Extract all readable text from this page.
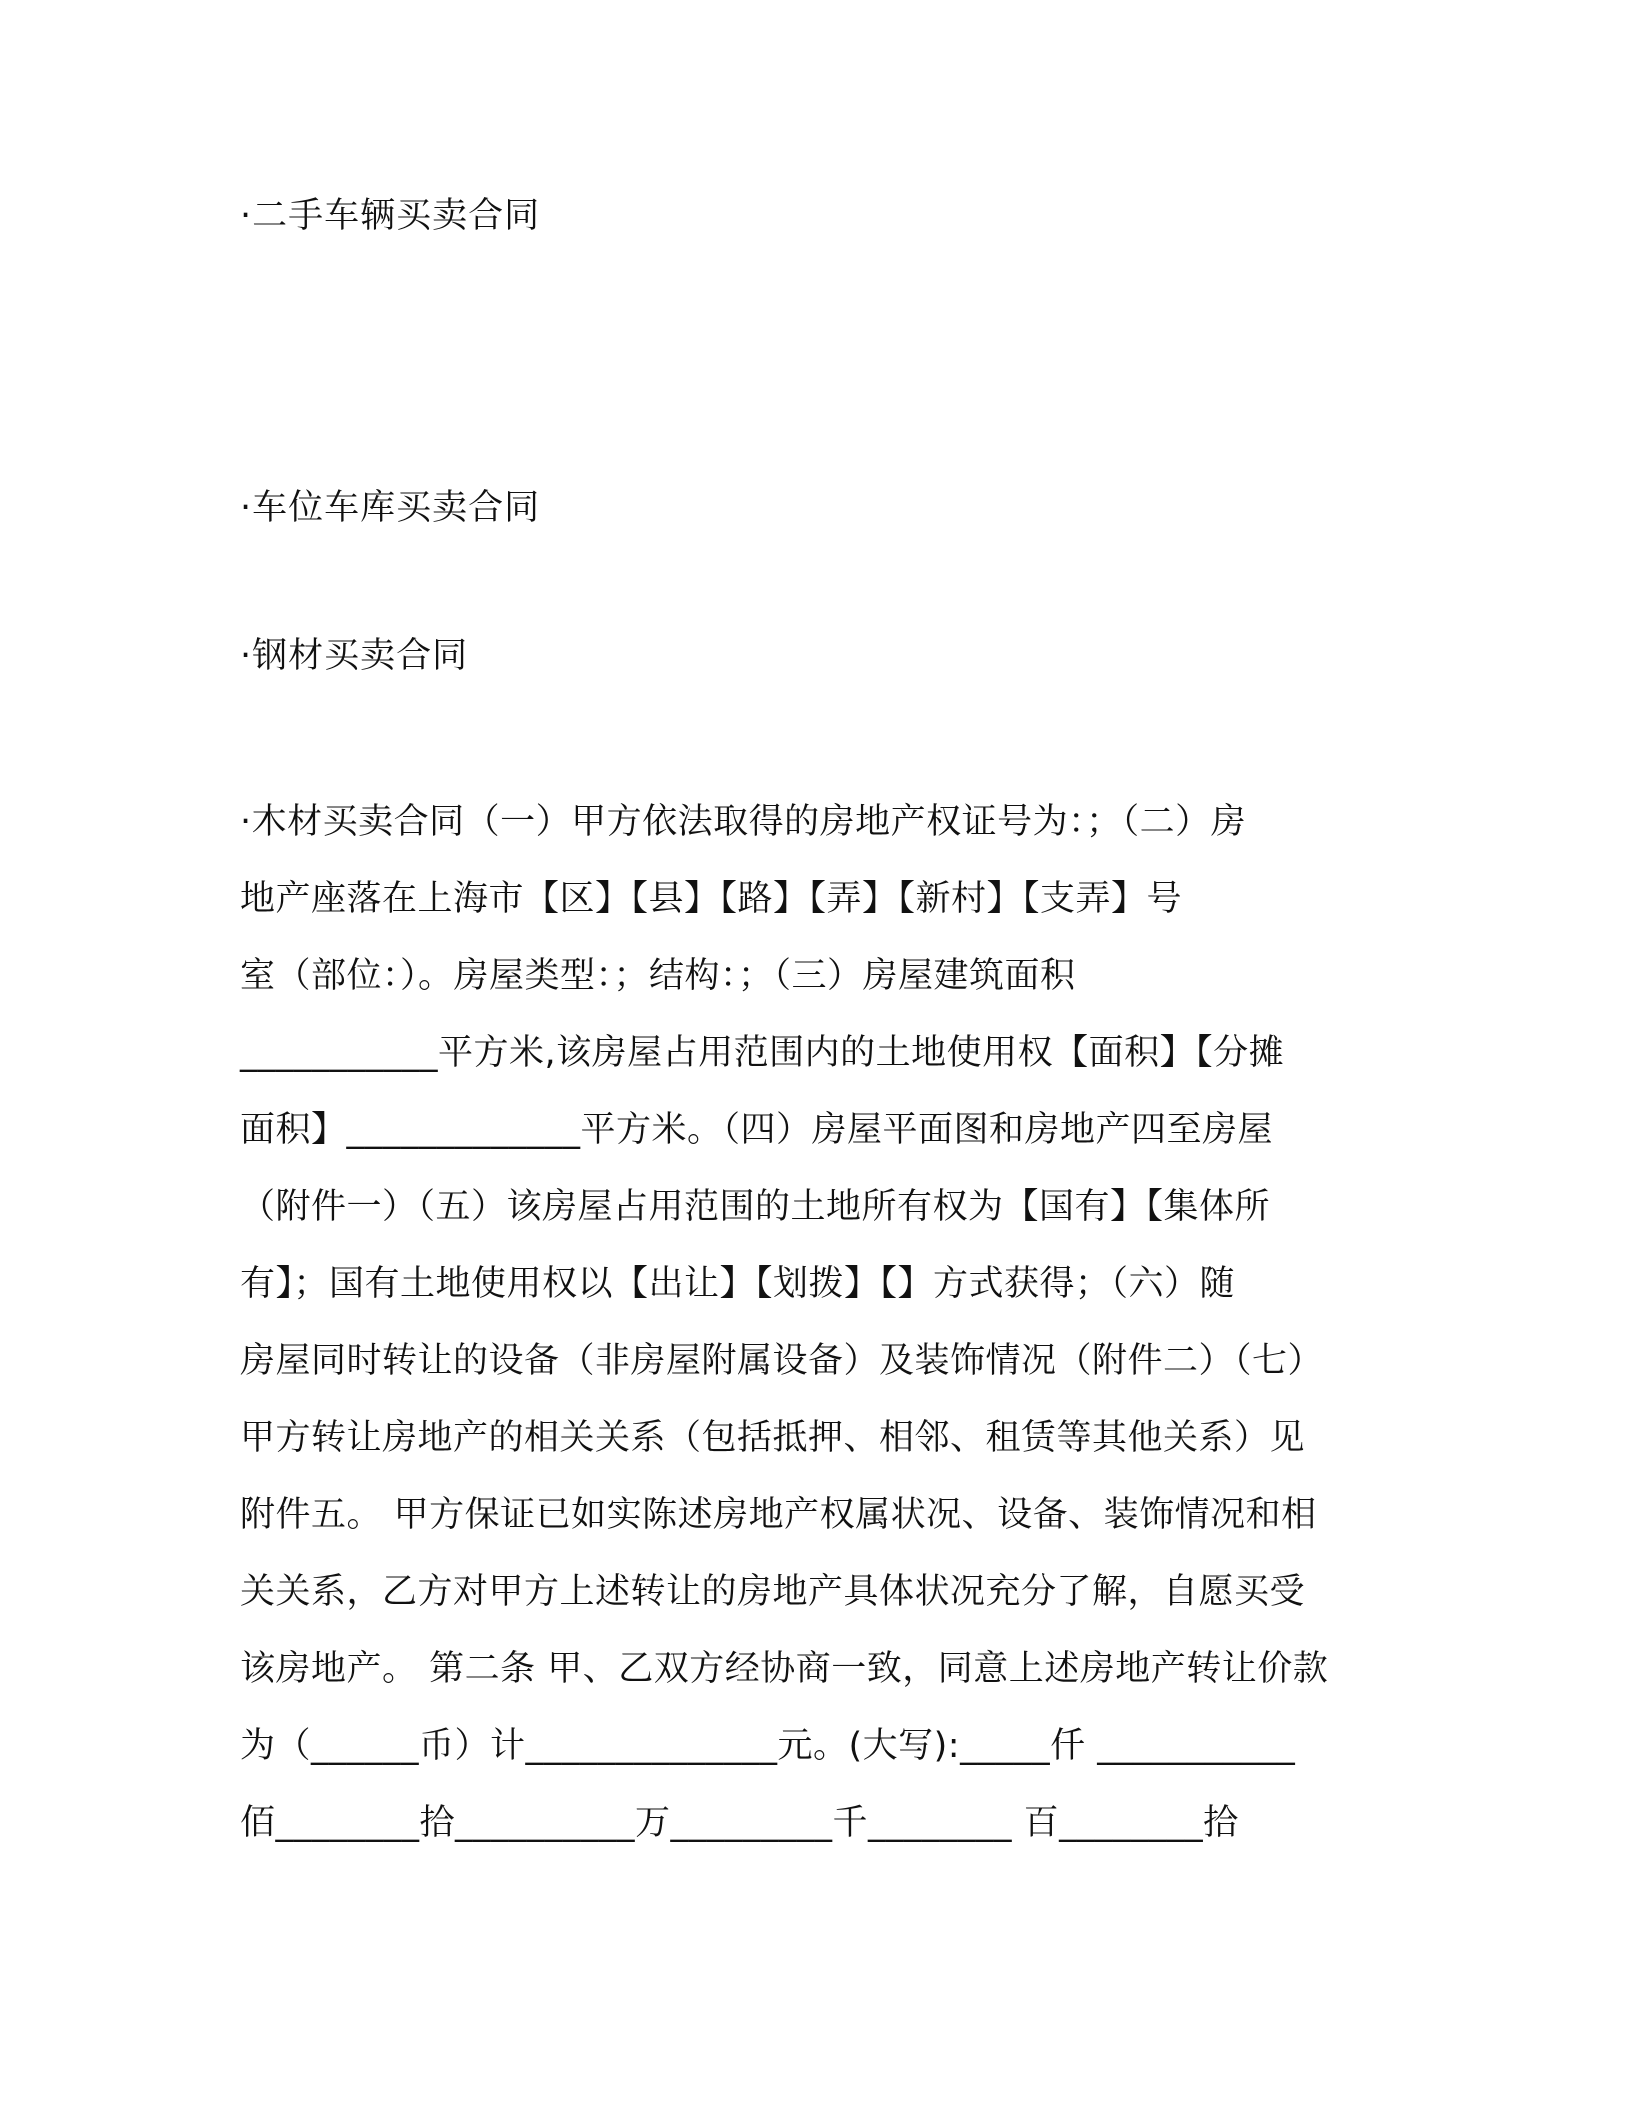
·二手车辆买卖合同
·车位车库买卖合同
·钢材买卖合同
·木材买卖合同（一）甲方依法取得的房地产权证号为：；（二）房
地产座落在上海市【区】【县】【路】【弄】【新村】【支弄】号
室（部位：）。房屋类型：；结构：；（三）房屋建筑面积
___________平方米,该房屋占用范围内的土地使用权【面积】【分摊
面积】_____________平方米。（四）房屋平面图和房地产四至房屋
（附件一）（五）该房屋占用范围的土地所有权为【国有】【集体所
有】；国有土地使用权以【出让】【划拨】【】方式获得；（六）随
房屋同时转让的设备（非房屋附属设备）及装饰情况（附件二）（七）
甲方转让房地产的相关关系（包括抵押、相邻、租赁等其他关系）见
附件五。 甲方保证已如实陈述房地产权属状况、设备、装饰情况和相
关关系，乙方对甲方上述转让的房地产具体状况充分了解，自愿买受
该房地产。 第二条 甲、乙双方经协商一致，同意上述房地产转让价款
为（______币）计______________元。(大写):_____仟 ___________
佰________拾__________万_________千________ 百________拾
